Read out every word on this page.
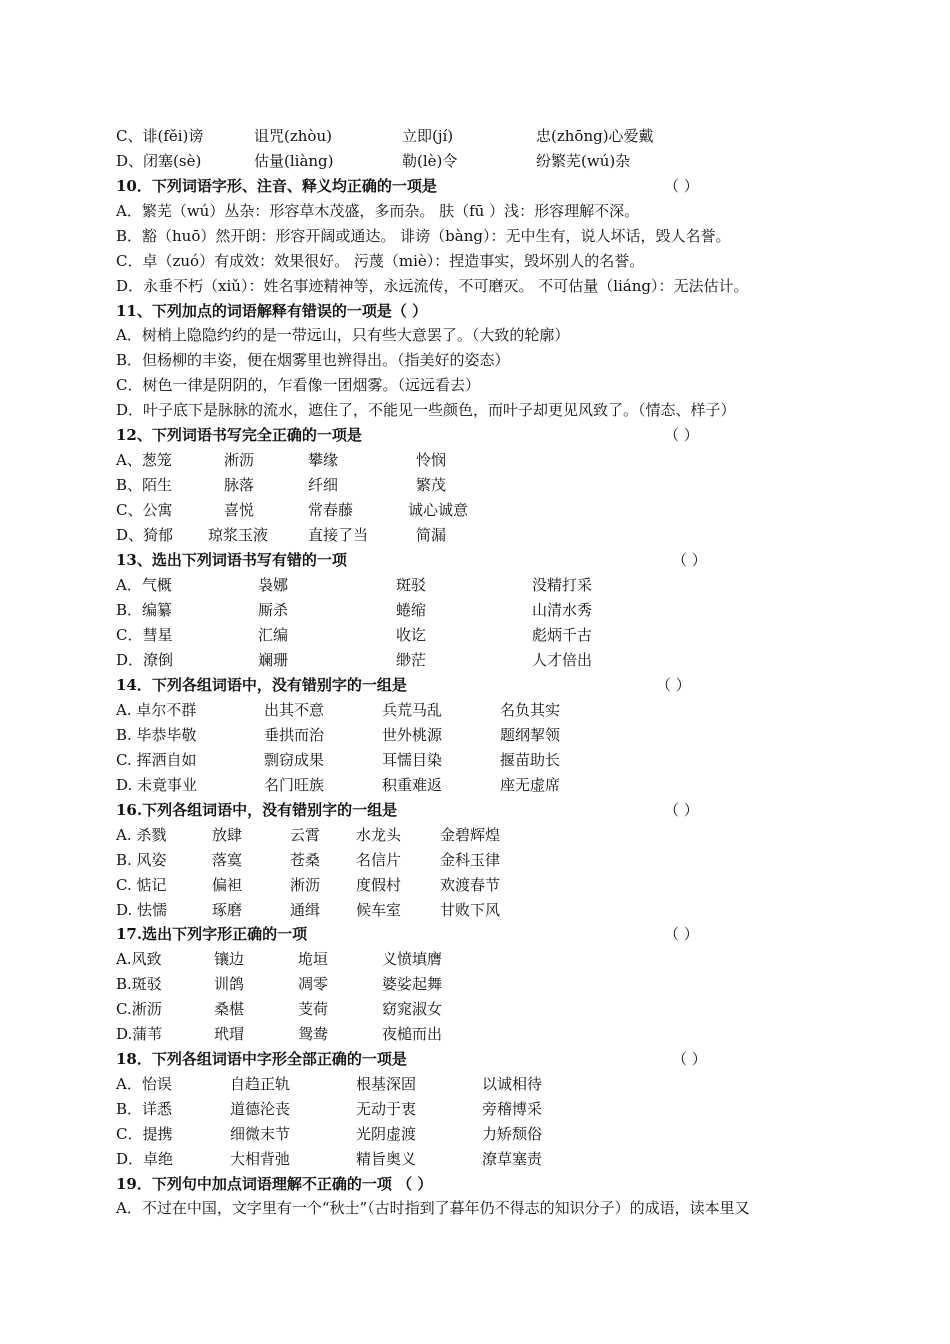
C、诽(fěi)谤	诅咒(zhòu)	立即(jí)	忠(zhōng)心爱戴
D、闭塞(sè)	估量(liàng)	勒(lè)令	纷繁芜(wú)杂
10．下列词语字形、注音、释义均正确的一项是	（ ）
A．繁芜（wú）丛杂：形容草木茂盛，多而杂。 肤（fū ）浅：形容理解不深。
B．豁（huō）然开朗：形容开阔或通达。 诽谤（bàng）：无中生有，说人坏话，毁人名誉。
C．卓（zuó）有成效：效果很好。 污蔑（miè）：捏造事实，毁坏别人的名誉。
D．永垂不朽（xiǔ）：姓名事迹精神等，永远流传，不可磨灭。 不可估量（liáng）：无法估计。
11、下列加点的词语解释有错误的一项是（ ）
A．树梢上隐隐约约的是一带远山，只有些大意罢了。（大致的轮廓）
B．但杨柳的丰姿，便在烟雾里也辨得出。（指美好的姿态）
C．树色一律是阴阴的，乍看像一团烟雾。（远远看去）
D．叶子底下是脉脉的流水，遮住了，不能见一些颜色，而叶子却更见风致了。（情态、样子）
12、下列词语书写完全正确的一项是	（ ）
A、葱笼	淅沥	攀缘	怜悯
B、陌生	脉落	纤细	繁茂
C、公寓	喜悦	常春藤	诚心诚意
D、猗郁 琼浆玉液	直接了当	简漏
13、选出下列词语书写有错的一项	（ ）
A．气概	袅娜	斑驳	没精打采
B．编纂	厮杀	蜷缩	山清水秀
C．彗星	汇编	收讫	彪炳千古
D．潦倒	斓珊	缈茫	人才倍出
14．下列各组词语中，没有错别字的一组是	（ ）
A. 卓尔不群	出其不意	兵荒马乱	名负其实
B. 毕恭毕敬	垂拱而治	世外桃源	题纲挈领
C. 挥洒自如	剽窃成果	耳懦目染	揠苗助长
D. 未竟事业	名门旺族	积重难返	座无虚席
16.下列各组词语中，没有错别字的一组是	（ ）
A. 杀戮	放肆	云霄 水龙头	金碧辉煌
B. 风姿	落寞	苍桑 名信片	金科玉律
C. 惦记	偏袒	淅沥 度假村	欢渡春节
D. 怯懦	琢磨	通缉 候车室	甘败下风
17.选出下列字形正确的一项	（ ）
A.风致	镶边	垝垣	义愤填膺
B.斑驳	训鸽	凋零	婆娑起舞
C.淅沥	桑椹	芰荷	窈窕淑女
D.蒲苇	玳瑁	鸳鸯	夜槌而出
18．下列各组词语中字形全部正确的一项是	（ ）
A．怡误	自趋正轨	根基深固	以诚相待
B．详悉	道德沦丧	无动于衷	旁稽博采
C．提携	细微末节	光阴虚渡	力矫颓俗
D．卓绝	大相背弛	精旨奥义	潦草塞责
19．下列句中加点词语理解不正确的一项 （ ）
A．不过在中国，文字里有一个“秋士”（古时指到了暮年仍不得志的知识分子）的成语，读本里又
